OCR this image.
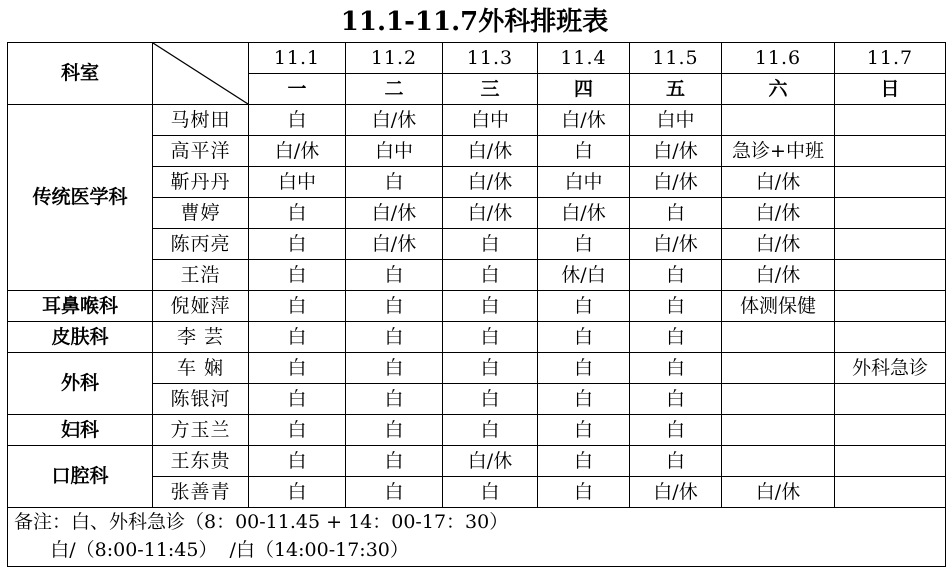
11.1-11.7外科排班表
科室		11.1	11.2	11.3	11.4	11.5	11.6	11.7
		一	二	三	四	五	六	日
传统医学科	马树田	白	白/休	白中	白/休	白中		
	高平洋	白/休	白中	白/休	白	白/休	急诊+中班	
	靳丹丹	白中	白	白/休	白中	白/休	白/休	
	曹婷	白	白/休	白/休	白/休	白	白/休	
	陈丙亮	白	白/休	白	白	白/休	白/休	
	王浩	白	白	白	休/白	白	白/休	
耳鼻喉科	倪娅萍	白	白	白	白	白	体测保健	
皮肤科	李 芸	白	白	白	白	白		
外科	车 娴	白	白	白	白	白		外科急诊
	陈银河	白	白	白	白	白		
妇科	方玉兰	白	白	白	白	白		
口腔科	王东贵	白	白	白/休	白	白		
	张善青	白	白	白	白	白/休	白/休	

备注：白、外科急诊（8：00-11.45 + 14：00-17：30）
白/（8:00-11:45）  /白（14:00-17:30）								
